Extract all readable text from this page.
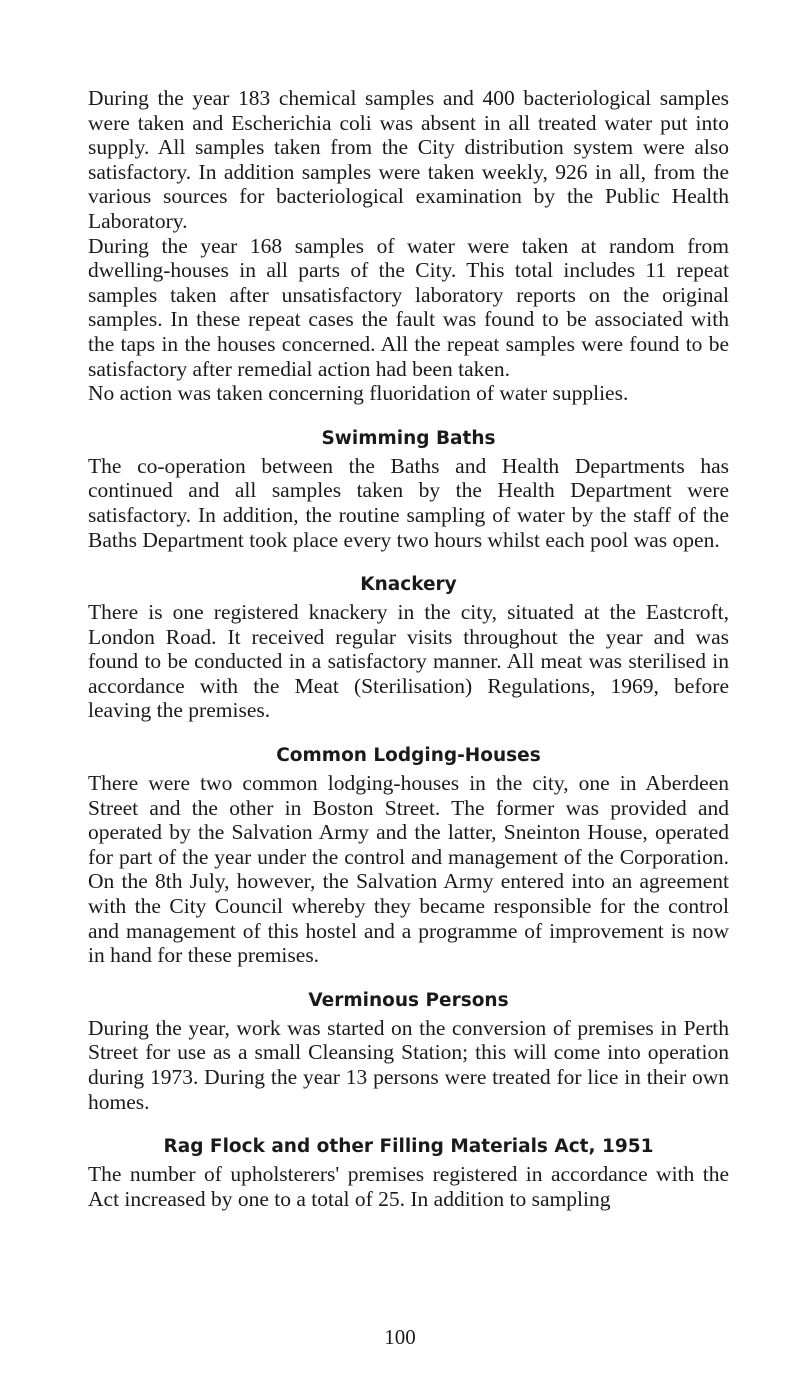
During the year 183 chemical samples and 400 bacteriological samples were taken and Escherichia coli was absent in all treated water put into supply. All samples taken from the City distribution system were also satisfactory. In addition samples were taken weekly, 926 in all, from the various sources for bacteriological examination by the Public Health Laboratory.

During the year 168 samples of water were taken at random from dwelling-houses in all parts of the City. This total includes 11 repeat samples taken after unsatisfactory laboratory reports on the original samples. In these repeat cases the fault was found to be associated with the taps in the houses concerned. All the repeat samples were found to be satisfactory after remedial action had been taken.

No action was taken concerning fluoridation of water supplies.

Swimming Baths

The co-operation between the Baths and Health Departments has continued and all samples taken by the Health Department were satisfactory. In addition, the routine sampling of water by the staff of the Baths Department took place every two hours whilst each pool was open.

Knackery

There is one registered knackery in the city, situated at the Eastcroft, London Road. It received regular visits throughout the year and was found to be conducted in a satisfactory manner. All meat was sterilised in accordance with the Meat (Sterilisation) Regulations, 1969, before leaving the premises.

Common Lodging-Houses

There were two common lodging-houses in the city, one in Aberdeen Street and the other in Boston Street. The former was provided and operated by the Salvation Army and the latter, Sneinton House, operated for part of the year under the control and management of the Corporation. On the 8th July, however, the Salvation Army entered into an agreement with the City Council whereby they became responsible for the control and management of this hostel and a programme of improvement is now in hand for these premises.

Verminous Persons

During the year, work was started on the conversion of premises in Perth Street for use as a small Cleansing Station; this will come into operation during 1973. During the year 13 persons were treated for lice in their own homes.

Rag Flock and other Filling Materials Act, 1951

The number of upholsterers' premises registered in accordance with the Act increased by one to a total of 25. In addition to sampling

100
